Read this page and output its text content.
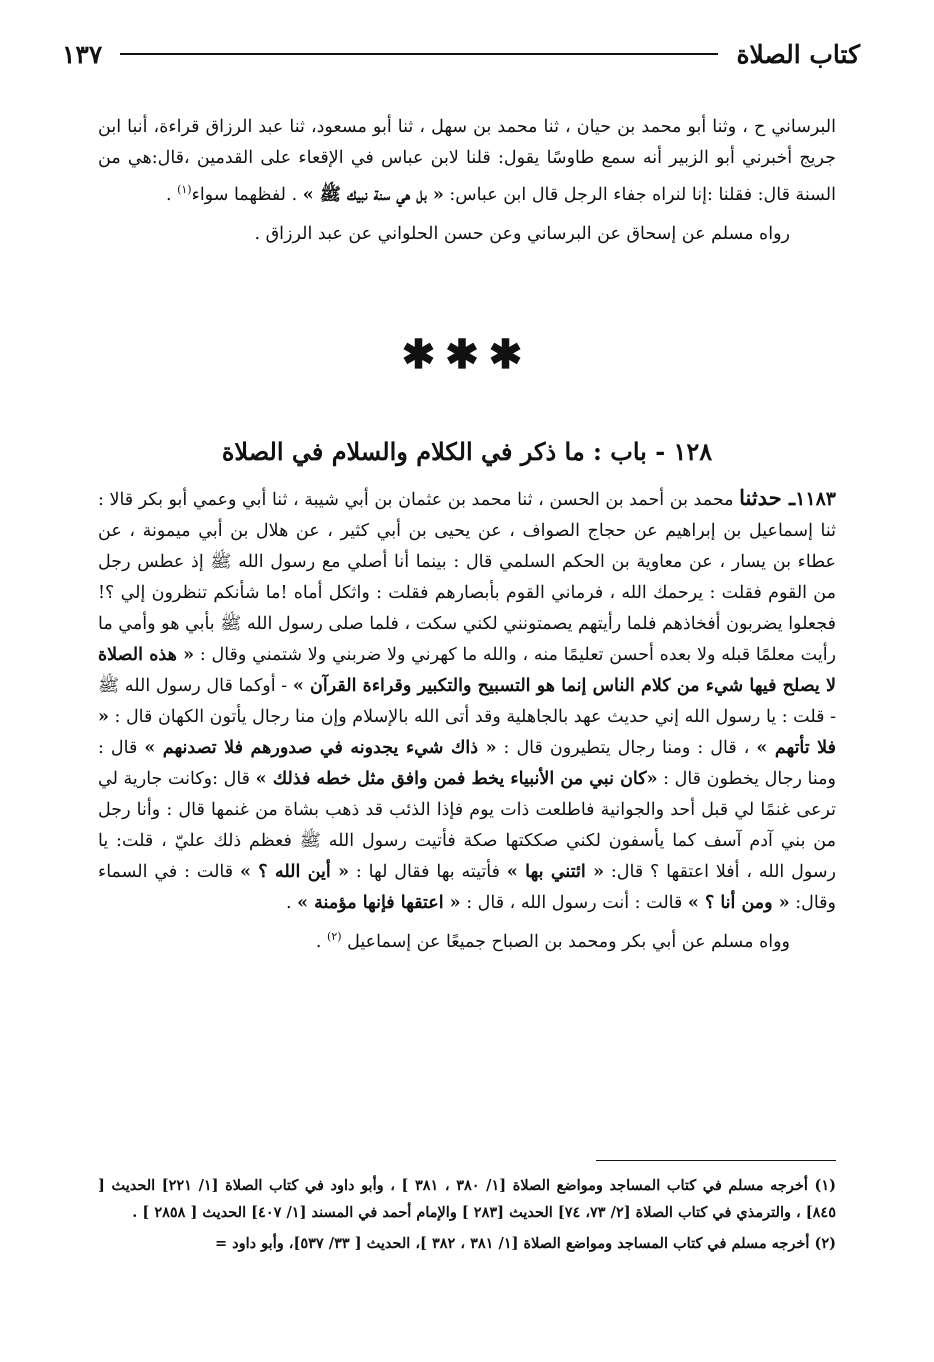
كتاب الصلاة
١٣٧

البرساني ح ، وثنا أبو محمد بن حيان ، ثنا محمد بن سهل ، ثنا أبو مسعود، ثنا عبد الرزاق قراءة، أنبا ابن جريج أخبرني أبو الزبير أنه سمع طاوسًا يقول: قلنا لابن عباس في الإقعاء على القدمين ،قال:هي من السنة قال: فقلنا :إنا لنراه جفاء الرجل قال ابن عباس: « بل هي سنة نبيك ﷺ » . لفظهما سواء$^{(١)}$ .

رواه مسلم عن إسحاق عن البرساني وعن حسن الحلواني عن عبد الرزاق .

✱✱✱
١٢٨ - باب : ما ذكر في الكلام والسلام في الصلاة

١١٨٣ـ حدثنا محمد بن أحمد بن الحسن ، ثنا محمد بن عثمان بن أبي شيبة ، ثنا أبي وعمي أبو بكر قالا : ثنا إسماعيل بن إبراهيم عن حجاج الصواف ، عن يحيى بن أبي كثير ، عن هلال بن أبي ميمونة ، عن عطاء بن يسار ، عن معاوية بن الحكم السلمي قال : بينما أنا أصلي مع رسول الله ﷺ إذ عطس رجل من القوم فقلت : يرحمك الله ، فرماني القوم بأبصارهم فقلت : واثكل أماه !ما شأنكم تنظرون إلي ؟! فجعلوا يضربون أفخاذهم فلما رأيتهم يصمتونني لكني سكت ، فلما صلى رسول الله ﷺ بأبي هو وأمي ما رأيت معلمًا قبله ولا بعده أحسن تعليمًا منه ، والله ما كهرني ولا ضربني ولا شتمني وقال : « هذه الصلاة لا يصلح فيها شيء من كلام الناس إنما هو التسبيح والتكبير وقراءة القرآن » - أوكما قال رسول الله ﷺ - قلت : يا رسول الله إني حديث عهد بالجاهلية وقد أتى الله بالإسلام وإن منا رجال يأتون الكهان قال : « فلا تأتهم » ، قال : ومنا رجال يتطيرون قال : « ذاك شيء يجدونه في صدورهم فلا تصدنهم » قال : ومنا رجال يخطون قال : «كان نبي من الأنبياء يخط فمن وافق مثل خطه فذلك » قال :وكانت جارية لي ترعى غنمًا لي قبل أحد والجوانية فاطلعت ذات يوم فإذا الذئب قد ذهب بشاة من غنمها قال : وأنا رجل من بني آدم آسف كما يأسفون لكني صككتها صكة فأتيت رسول الله ﷺ فعظم ذلك عليّ ، قلت: يا رسول الله ، أفلا اعتقها ؟ قال: « ائتني بها » فأتيته بها فقال لها : « أين الله ؟ » قالت : في السماء وقال: « ومن أنا ؟ » قالت : أنت رسول الله ، قال : « اعتقها فإنها مؤمنة » .

وواه مسلم عن أبي بكر ومحمد بن الصباح جميعًا عن إسماعيل $^{(٢)}$ .

(١) أخرجه مسلم في كتاب المساجد ومواضع الصلاة [١/ ٣٨٠ ، ٣٨١ ] ، وأبو داود في كتاب الصلاة [١/ ٢٢١] الحديث [ ٨٤٥] ، والترمذي في كتاب الصلاة [٢/ ٧٣، ٧٤] الحديث [٢٨٣ ] والإمام أحمد في المسند [١/ ٤٠٧] الحديث [ ٢٨٥٨ ] .

(٢) أخرجه مسلم في كتاب المساجد ومواضع الصلاة [١/ ٣٨١ ، ٣٨٢ ]، الحديث [ ٣٣/ ٥٣٧]، وأبو داود =
